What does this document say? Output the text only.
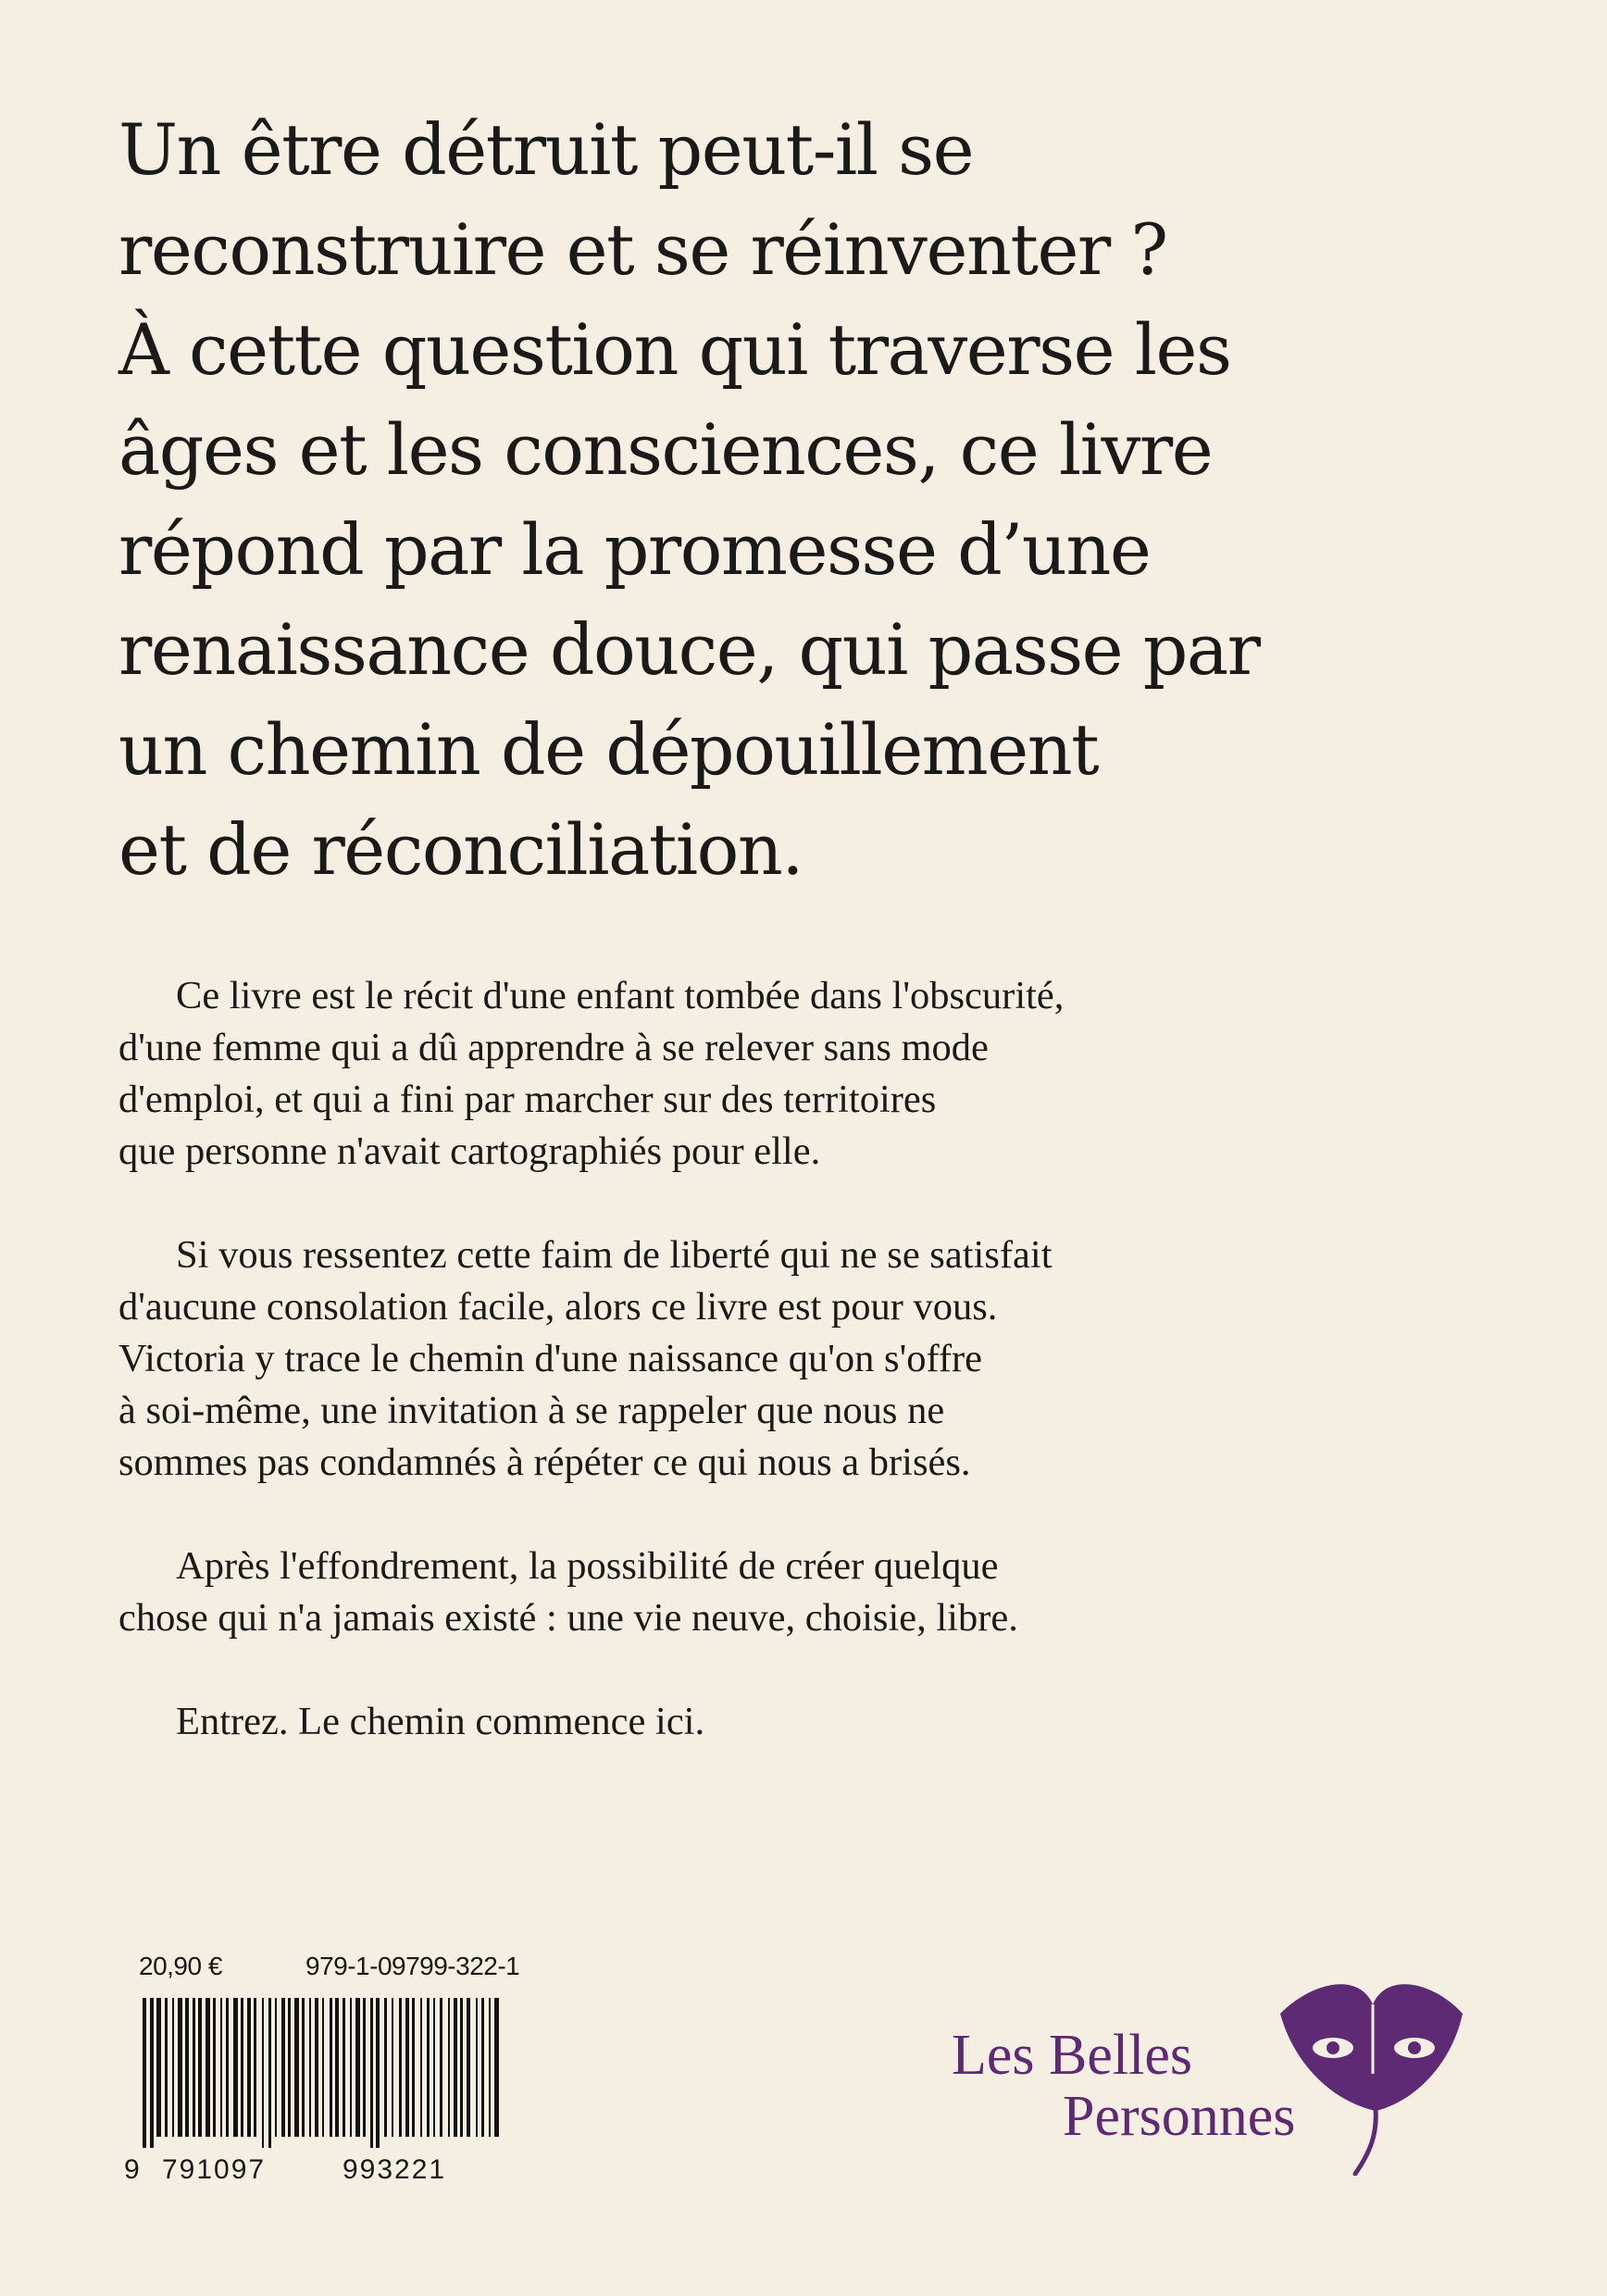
Un être détruit peut-il se
reconstruire et se réinventer ?
À cette question qui traverse les
âges et les consciences, ce livre
répond par la promesse d’une
renaissance douce, qui passe par
un chemin de dépouillement
et de réconciliation.

Ce livre est le récit d'une enfant tombée dans l'obscurité,
d'une femme qui a dû apprendre à se relever sans mode
d'emploi, et qui a fini par marcher sur des territoires
que personne n'avait cartographiés pour elle.

Si vous ressentez cette faim de liberté qui ne se satisfait
d'aucune consolation facile, alors ce livre est pour vous.
Victoria y trace le chemin d'une naissance qu'on s'offre
à soi-même, une invitation à se rappeler que nous ne
sommes pas condamnés à répéter ce qui nous a brisés.

Après l'effondrement, la possibilité de créer quelque
chose qui n'a jamais existé : une vie neuve, choisie, libre.

Entrez. Le chemin commence ici.

20,90 €	979-1-09799-322-1
9 791097	993221
Les Belles
Personnes
